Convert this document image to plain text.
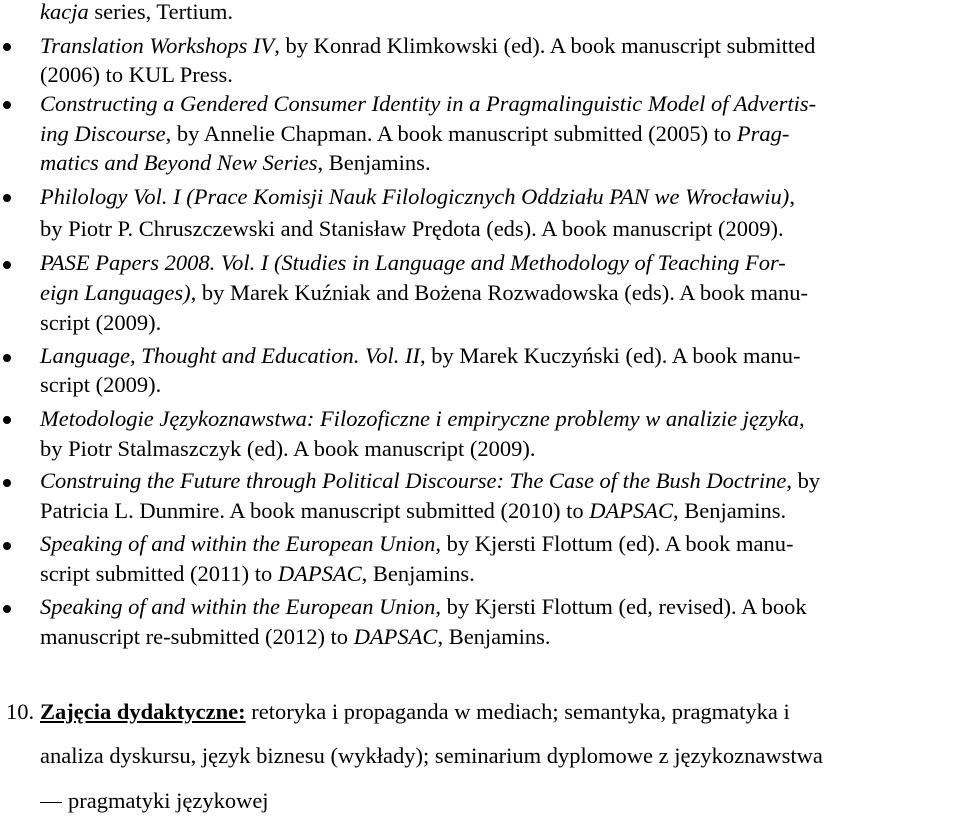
kacja series, Tertium.
Translation Workshops IV, by Konrad Klimkowski (ed). A book manuscript submitted
(2006) to KUL Press.
Constructing a Gendered Consumer Identity in a Pragmalinguistic Model of Advertis-
ing Discourse, by Annelie Chapman. A book manuscript submitted (2005) to Prag-
matics and Beyond New Series, Benjamins.
Philology Vol. I (Prace Komisji Nauk Filologicznych Oddziału PAN we Wrocławiu),
by Piotr P. Chruszczewski and Stanisław Prędota (eds). A book manuscript (2009).
PASE Papers 2008. Vol. I (Studies in Language and Methodology of Teaching For-
eign Languages), by Marek Kuźniak and Bożena Rozwadowska (eds). A book manu-
script (2009).
Language, Thought and Education. Vol. II, by Marek Kuczyński (ed). A book manu-
script (2009).
Metodologie Językoznawstwa: Filozoficzne i empiryczne problemy w analizie języka,
by Piotr Stalmaszczyk (ed). A book manuscript (2009).
Construing the Future through Political Discourse: The Case of the Bush Doctrine, by
Patricia L. Dunmire. A book manuscript submitted (2010) to DAPSAC, Benjamins.
Speaking of and within the European Union, by Kjersti Flottum (ed). A book manu-
script submitted (2011) to DAPSAC, Benjamins.
Speaking of and within the European Union, by Kjersti Flottum (ed, revised). A book
manuscript re-submitted (2012) to DAPSAC, Benjamins.
10. Zajęcia dydaktyczne: retoryka i propaganda w mediach; semantyka, pragmatyka i
analiza dyskursu, język biznesu (wykłady); seminarium dyplomowe z językoznawstwa
pragmatyki językowej
